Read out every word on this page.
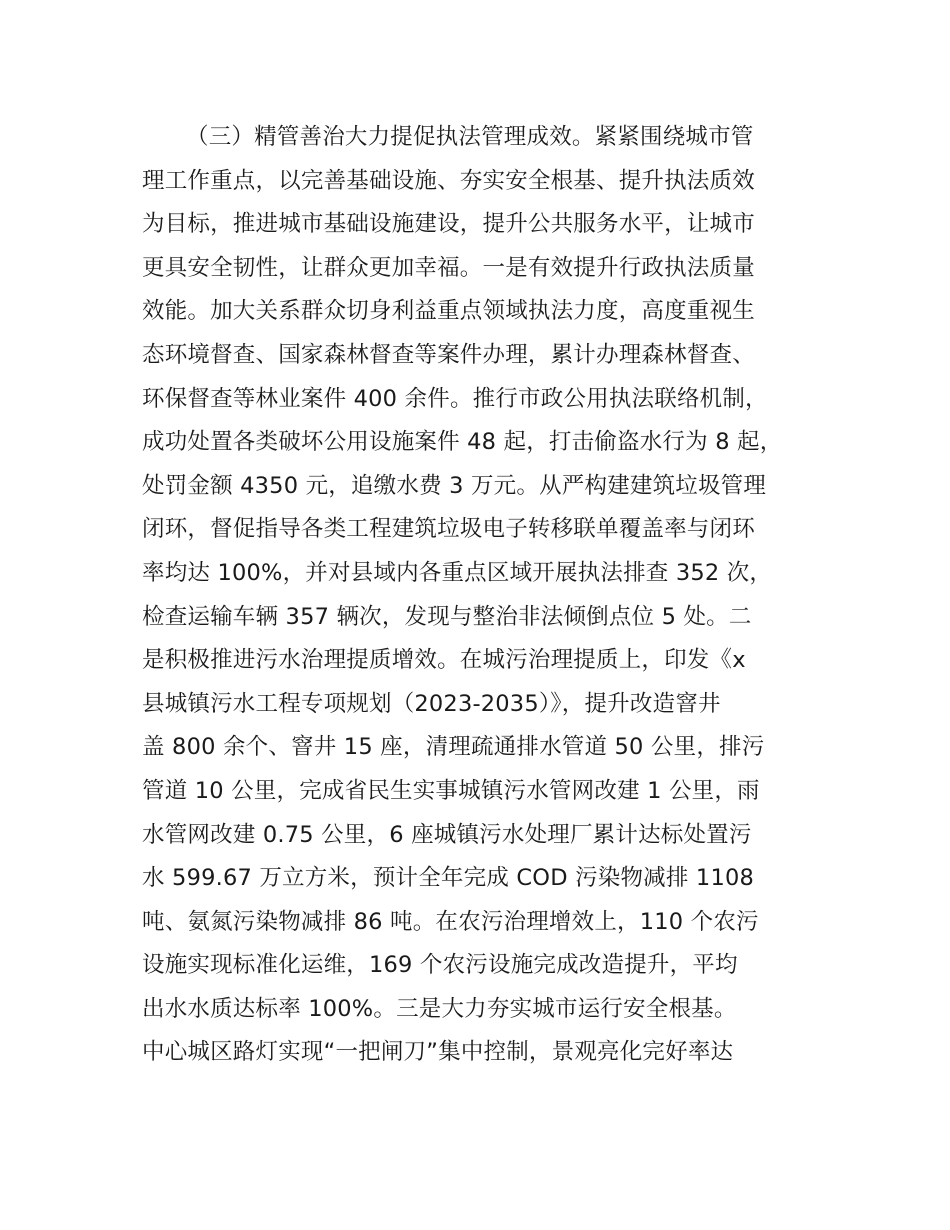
（三）精管善治大力提促执法管理成效。紧紧围绕城市管
理工作重点，以完善基础设施、夯实安全根基、提升执法质效
为目标，推进城市基础设施建设，提升公共服务水平，让城市
更具安全韧性，让群众更加幸福。一是有效提升行政执法质量
效能。加大关系群众切身利益重点领域执法力度，高度重视生
态环境督查、国家森林督查等案件办理，累计办理森林督查、
环保督查等林业案件 400 余件。推行市政公用执法联络机制，
成功处置各类破坏公用设施案件 48 起，打击偷盗水行为 8 起，
处罚金额 4350 元，追缴水费 3 万元。从严构建建筑垃圾管理
闭环，督促指导各类工程建筑垃圾电子转移联单覆盖率与闭环
率均达 100%，并对县域内各重点区域开展执法排查 352 次，
检查运输车辆 357 辆次，发现与整治非法倾倒点位 5 处。二
是积极推进污水治理提质增效。在城污治理提质上，印发《x
县城镇污水工程专项规划（2023-2035）》，提升改造窨井
盖 800 余个、窨井 15 座，清理疏通排水管道 50 公里，排污
管道 10 公里，完成省民生实事城镇污水管网改建 1 公里，雨
水管网改建 0.75 公里，6 座城镇污水处理厂累计达标处置污
水 599.67 万立方米，预计全年完成 COD 污染物减排 1108
吨、氨氮污染物减排 86 吨。在农污治理增效上，110 个农污
设施实现标准化运维，169 个农污设施完成改造提升，平均
出水水质达标率 100%。三是大力夯实城市运行安全根基。
中心城区路灯实现“一把闸刀”集中控制，景观亮化完好率达
